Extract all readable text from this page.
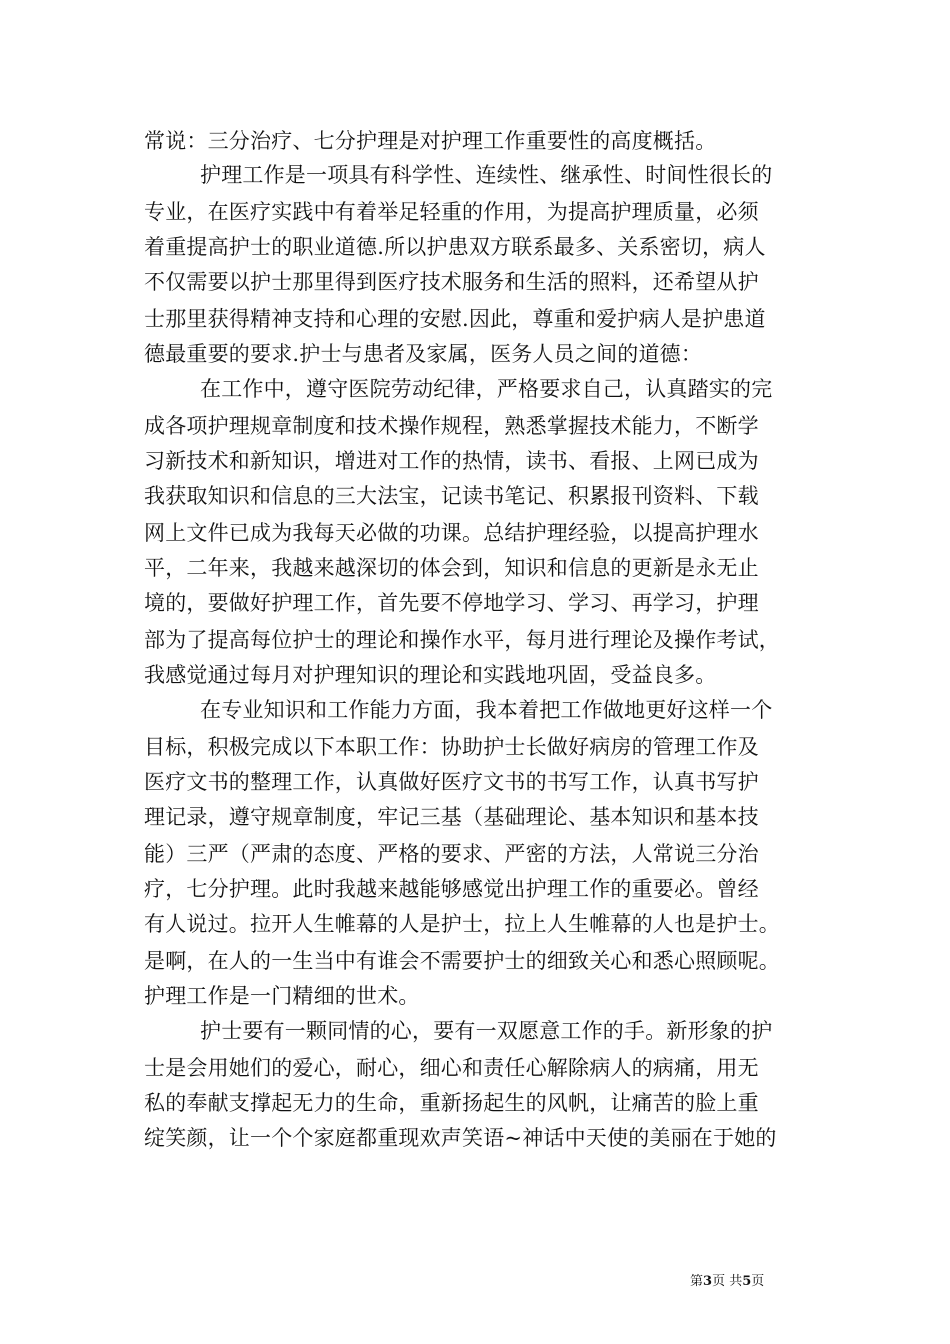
常说：三分治疗、七分护理是对护理工作重要性的高度概括。
护理工作是一项具有科学性、连续性、继承性、时间性很长的
专业，在医疗实践中有着举足轻重的作用，为提高护理质量，必须
着重提高护士的职业道德.所以护患双方联系最多、关系密切，病人
不仅需要以护士那里得到医疗技术服务和生活的照料，还希望从护
士那里获得精神支持和心理的安慰.因此，尊重和爱护病人是护患道
德最重要的要求.护士与患者及家属，医务人员之间的道德：
在工作中，遵守医院劳动纪律，严格要求自己，认真踏实的完
成各项护理规章制度和技术操作规程，熟悉掌握技术能力，不断学
习新技术和新知识，增进对工作的热情，读书、看报、上网已成为
我获取知识和信息的三大法宝，记读书笔记、积累报刊资料、下载
网上文件已成为我每天必做的功课。总结护理经验，以提高护理水
平，二年来，我越来越深切的体会到，知识和信息的更新是永无止
境的，要做好护理工作，首先要不停地学习、学习、再学习，护理
部为了提高每位护士的理论和操作水平，每月进行理论及操作考试，
我感觉通过每月对护理知识的理论和实践地巩固，受益良多。
在专业知识和工作能力方面，我本着把工作做地更好这样一个
目标，积极完成以下本职工作：协助护士长做好病房的管理工作及
医疗文书的整理工作，认真做好医疗文书的书写工作，认真书写护
理记录，遵守规章制度，牢记三基（基础理论、基本知识和基本技
能）三严（严肃的态度、严格的要求、严密的方法，人常说三分治
疗，七分护理。此时我越来越能够感觉出护理工作的重要必。曾经
有人说过。拉开人生帷幕的人是护士，拉上人生帷幕的人也是护士。
是啊，在人的一生当中有谁会不需要护士的细致关心和悉心照顾呢。
护理工作是一门精细的世术。
护士要有一颗同情的心，要有一双愿意工作的手。新形象的护
士是会用她们的爱心，耐心，细心和责任心解除病人的病痛，用无
私的奉献支撑起无力的生命，重新扬起生的风帆，让痛苦的脸上重
绽笑颜，让一个个家庭都重现欢声笑语~神话中天使的美丽在于她的
第3页 共5页
